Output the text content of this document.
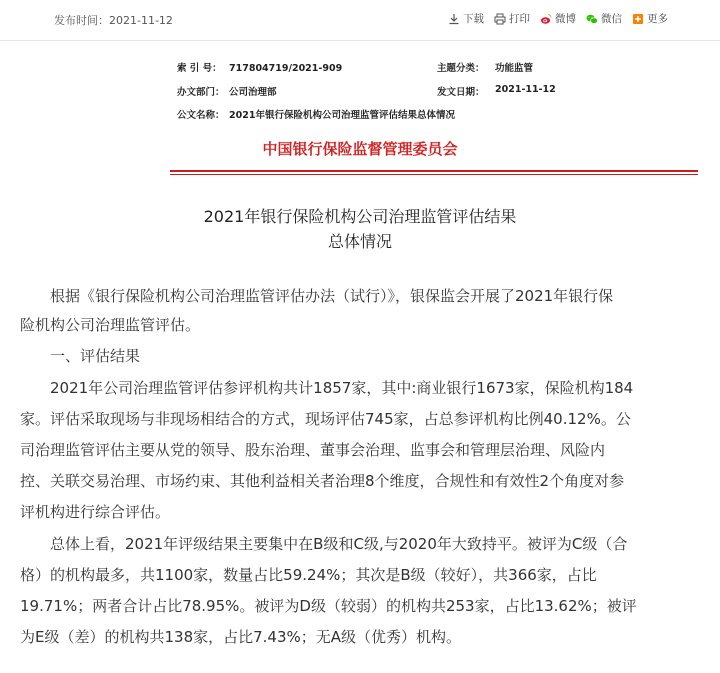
发布时间：2021-11-12	下载 打印 微博 微信 更多
索 引 号： 717804719/2021-909	主题分类： 功能监管
办文部门： 公司治理部	发文日期： 2021-11-12
公文名称： 2021年银行保险机构公司治理监管评估结果总体情况
中国银行保险监督管理委员会
2021年银行保险机构公司治理监管评估结果
总体情况
　　根据《银行保险机构公司治理监管评估办法（试行）》，银保监会开展了2021年银行保
险机构公司治理监管评估。
　　一、评估结果
　　2021年公司治理监管评估参评机构共计1857家，其中:商业银行1673家，保险机构184
家。评估采取现场与非现场相结合的方式，现场评估745家，占总参评机构比例40.12%。公
司治理监管评估主要从党的领导、股东治理、董事会治理、监事会和管理层治理、风险内
控、关联交易治理、市场约束、其他利益相关者治理8个维度，合规性和有效性2个角度对参
评机构进行综合评估。
　　总体上看，2021年评级结果主要集中在B级和C级,与2020年大致持平。被评为C级（合
格）的机构最多，共1100家，数量占比59.24%；其次是B级（较好），共366家，占比
19.71%；两者合计占比78.95%。被评为D级（较弱）的机构共253家，占比13.62%；被评
为E级（差）的机构共138家，占比7.43%；无A级（优秀）机构。
